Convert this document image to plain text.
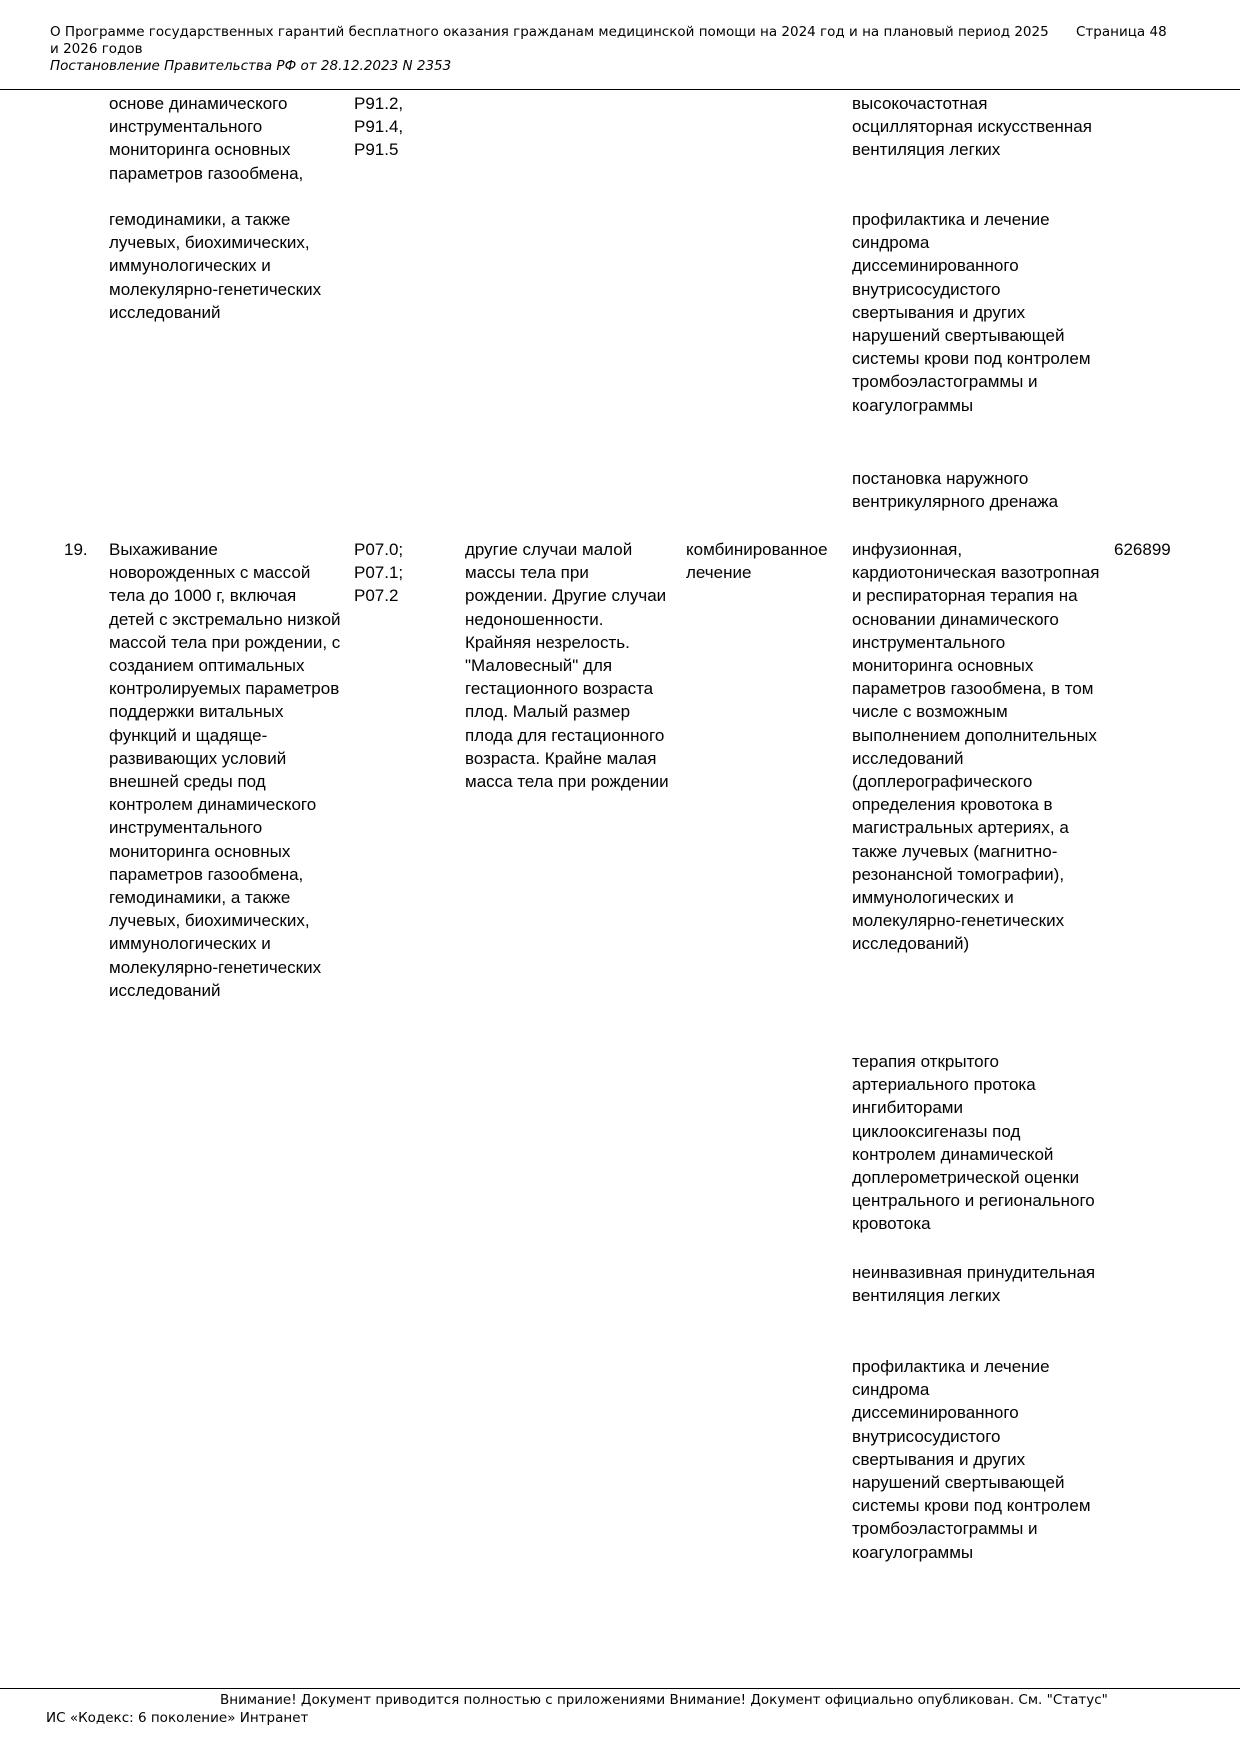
О Программе государственных гарантий бесплатного оказания гражданам медицинской помощи на 2024 год и на плановый период 2025 и 2026 годов
Постановление Правительства РФ от 28.12.2023 N 2353
Страница 48
основе динамического инструментального мониторинга основных параметров газообмена,
гемодинамики, а также лучевых, биохимических, иммунологических и молекулярно-генетических исследований
P91.2,
P91.4,
P91.5
высокочастотная осцилляторная искусственная вентиляция легких
профилактика и лечение синдрома диссеминированного внутрисосудистого свертывания и других нарушений свертывающей системы крови под контролем тромбоэластограммы и коагулограммы
постановка наружного вентрикулярного дренажа
19.	Выхаживание новорожденных с массой тела до 1000 г, включая детей с экстремально низкой массой тела при рождении, с созданием оптимальных контролируемых параметров поддержки витальных функций и щадяще-развивающих условий внешней среды под контролем динамического инструментального мониторинга основных параметров газообмена, гемодинамики, а также лучевых, биохимических, иммунологических и молекулярно-генетических исследований
P07.0;
P07.1;
P07.2
другие случаи малой массы тела при рождении. Другие случаи недоношенности. Крайняя незрелость. "Маловесный" для гестационного возраста плод. Малый размер плода для гестационного возраста. Крайне малая масса тела при рождении
комбинированное лечение
инфузионная, кардиотоническая вазотропная и респираторная терапия на основании динамического инструментального мониторинга основных параметров газообмена, в том числе с возможным выполнением дополнительных исследований (доплерографического определения кровотока в магистральных артериях, а также лучевых (магнитно-резонансной томографии), иммунологических и молекулярно-генетических исследований)
терапия открытого артериального протока ингибиторами циклооксигеназы под контролем динамической доплерометрической оценки центрального и регионального кровотока
неинвазивная принудительная вентиляция легких
профилактика и лечение синдрома диссеминированного внутрисосудистого свертывания и других нарушений свертывающей системы крови под контролем тромбоэластограммы и коагулограммы
626899
Внимание! Документ приводится полностью с приложениями Внимание! Документ официально опубликован. См. "Статус"
ИС «Кодекс: 6 поколение» Интранет
